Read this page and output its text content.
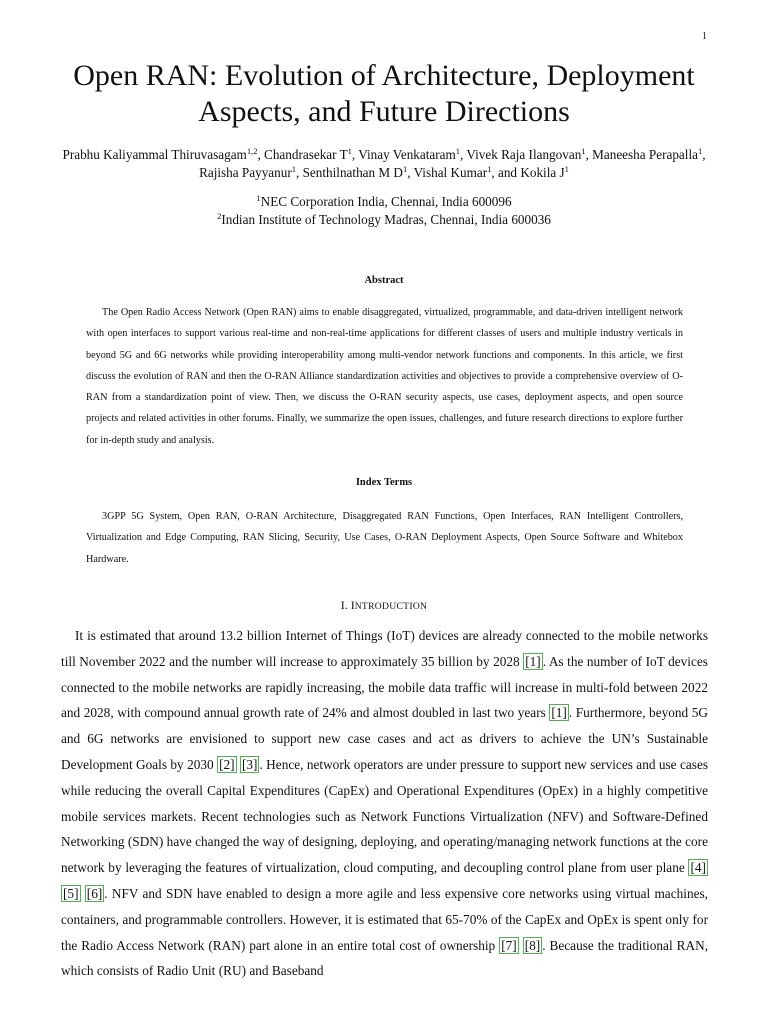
1
Open RAN: Evolution of Architecture, Deployment Aspects, and Future Directions
Prabhu Kaliyammal Thiruvasagam$^{1,2}$, Chandrasekar $T^1$, Vinay Venkataram$^1$, Vivek Raja Ilangovan$^1$, Maneesha Perapalla$^1$, Rajisha Payyanur$^1$, Senthilnathan M $D^1$, Vishal Kumar$^1$, and Kokila $J^1$
$^1$NEC Corporation India, Chennai, India 600096
$^2$Indian Institute of Technology Madras, Chennai, India 600036
Abstract
The Open Radio Access Network (Open RAN) aims to enable disaggregated, virtualized, programmable, and data-driven intelligent network with open interfaces to support various real-time and non-real-time applications for different classes of users and multiple industry verticals in beyond 5G and 6G networks while providing interoperability among multi-vendor network functions and components. In this article, we first discuss the evolution of RAN and then the O-RAN Alliance standardization activities and objectives to provide a comprehensive overview of O-RAN from a standardization point of view. Then, we discuss the O-RAN security aspects, use cases, deployment aspects, and open source projects and related activities in other forums. Finally, we summarize the open issues, challenges, and future research directions to explore further for in-depth study and analysis.
Index Terms
3GPP 5G System, Open RAN, O-RAN Architecture, Disaggregated RAN Functions, Open Interfaces, RAN Intelligent Controllers, Virtualization and Edge Computing, RAN Slicing, Security, Use Cases, O-RAN Deployment Aspects, Open Source Software and Whitebox Hardware.
I. INTRODUCTION
It is estimated that around 13.2 billion Internet of Things (IoT) devices are already connected to the mobile networks till November 2022 and the number will increase to approximately 35 billion by 2028 [1] . As the number of IoT devices connected to the mobile networks are rapidly increasing, the mobile data traffic will increase in multi-fold between 2022 and 2028, with compound annual growth rate of 24% and almost doubled in last two years [1] . Furthermore, beyond 5G and 6G networks are envisioned to support new case cases and act as drivers to achieve the UN’s Sustainable Development Goals by 2030 [2] [3] . Hence, network operators are under pressure to support new services and use cases while reducing the overall Capital Expenditures (CapEx) and Operational Expenditures (OpEx) in a highly competitive mobile services markets. Recent technologies such as Network Functions Virtualization (NFV) and Software-Defined Networking (SDN) have changed the way of designing, deploying, and operating/managing network functions at the core network by leveraging the features of virtualization, cloud computing, and decoupling control plane from user plane [4] [5] [6] . NFV and SDN have enabled to design a more agile and less expensive core networks using virtual machines, containers, and programmable controllers. However, it is estimated that 65-70% of the CapEx and OpEx is spent only for the Radio Access Network (RAN) part alone in an entire total cost of ownership [7] [8] . Because the traditional RAN, which consists of Radio Unit (RU) and Baseband
